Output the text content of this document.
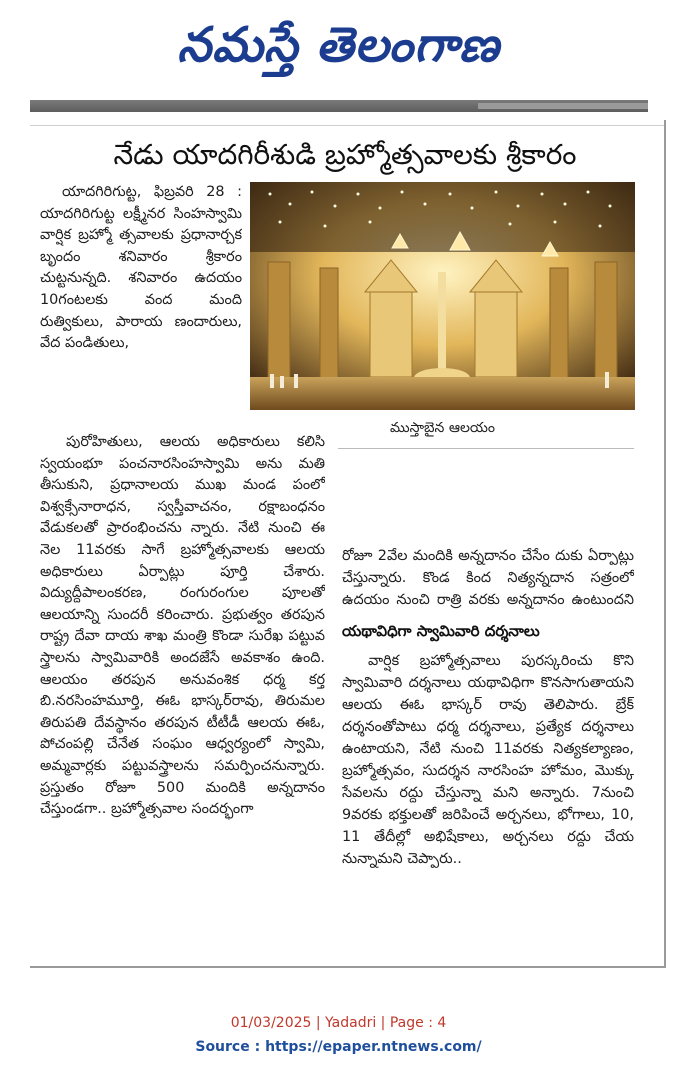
నమస్తే తెలంగాణ
నేడు యాదగిరీశుడి బ్రహ్మోత్సవాలకు శ్రీకారం

యాదగిరిగుట్ట, ఫిబ్రవరి 28 : యాదగిరిగుట్ట లక్ష్మీనర సింహస్వామి వార్షిక బ్రహ్మో త్సవాలకు ప్రధానార్చక బృందం శనివారం శ్రీకారం చుట్టనున్నది. శనివారం ఉదయం 10గంటలకు వంద మంది రుత్వికులు, పారాయ ణందారులు, వేద పండితులు,

ముస్తాబైన ఆలయం

పురోహితులు, ఆలయ అధికారులు కలిసి స్వయంభూ పంచనారసింహస్వామి అను మతి తీసుకుని, ప్రధానాలయ ముఖ మండ పంలో విశ్వక్సేనారాధన, స్వస్తీవాచనం, రక్షాబంధనం వేడుకలతో ప్రారంభించను న్నారు. నేటి నుంచి ఈ నెల 11వరకు సాగే బ్రహ్మోత్సవాలకు ఆలయ అధికారులు ఏర్పాట్లు పూర్తి చేశారు. విద్యుద్దీపాలంకరణ, రంగురంగుల పూలతో ఆలయాన్ని సుందరీ కరించారు. ప్రభుత్వం తరపున రాష్ట్ర దేవా దాయ శాఖ మంత్రి కొండా సురేఖ పట్టువ స్త్రాలను స్వామివారికి అందజేసే అవకాశం ఉంది. ఆలయం తరపున అనువంశిక ధర్మ కర్త బి.నరసింహమూర్తి, ఈఓ భాస్కర్‌రావు, తిరుమల తిరుపతి దేవస్థానం తరపున టీటీడీ ఆలయ ఈఓ, పోచంపల్లి చేనేత సంఘం ఆధ్వర్యంలో స్వామి, అమ్మవార్లకు పట్టువస్త్రాలను సమర్పించనున్నారు. ప్రస్తుతం రోజూ 500 మందికి అన్నదానం చేస్తుండగా.. బ్రహ్మోత్సవాల సందర్భంగా

రోజూ 2వేల మందికి అన్నదానం చేసేం దుకు ఏర్పాట్లు చేస్తున్నారు. కొండ కింద నిత్యన్నదాన సత్రంలో ఉదయం నుంచి రాత్రి వరకు అన్నదానం ఉంటుందని

యథావిధిగా స్వామివారి దర్శనాలు

వార్షిక బ్రహ్మోత్సవాలు పురస్కరించు కొని స్వామివారి దర్శనాలు యథావిధిగా కొనసాగుతాయని ఆలయ ఈఓ భాస్కర్ రావు తెలిపారు. బ్రేక్ దర్శనంతోపాటు ధర్మ దర్శనాలు, ప్రత్యేక దర్శనాలు ఉంటాయని, నేటి నుంచి 11వరకు నిత్యకల్యాణం, బ్రహ్మోత్సవం, సుదర్శన నారసింహ హోమం, మొక్కు సేవలను రద్దు చేస్తున్నా మని అన్నారు. 7నుంచి 9వరకు భక్తులతో జరిపించే అర్చనలు, భోగాలు, 10, 11 తేదీల్లో అభిషేకాలు, అర్చనలు రద్దు చేయ నున్నామని చెప్పారు..

01/03/2025 | Yadadri | Page : 4
Source : https://epaper.ntnews.com/
